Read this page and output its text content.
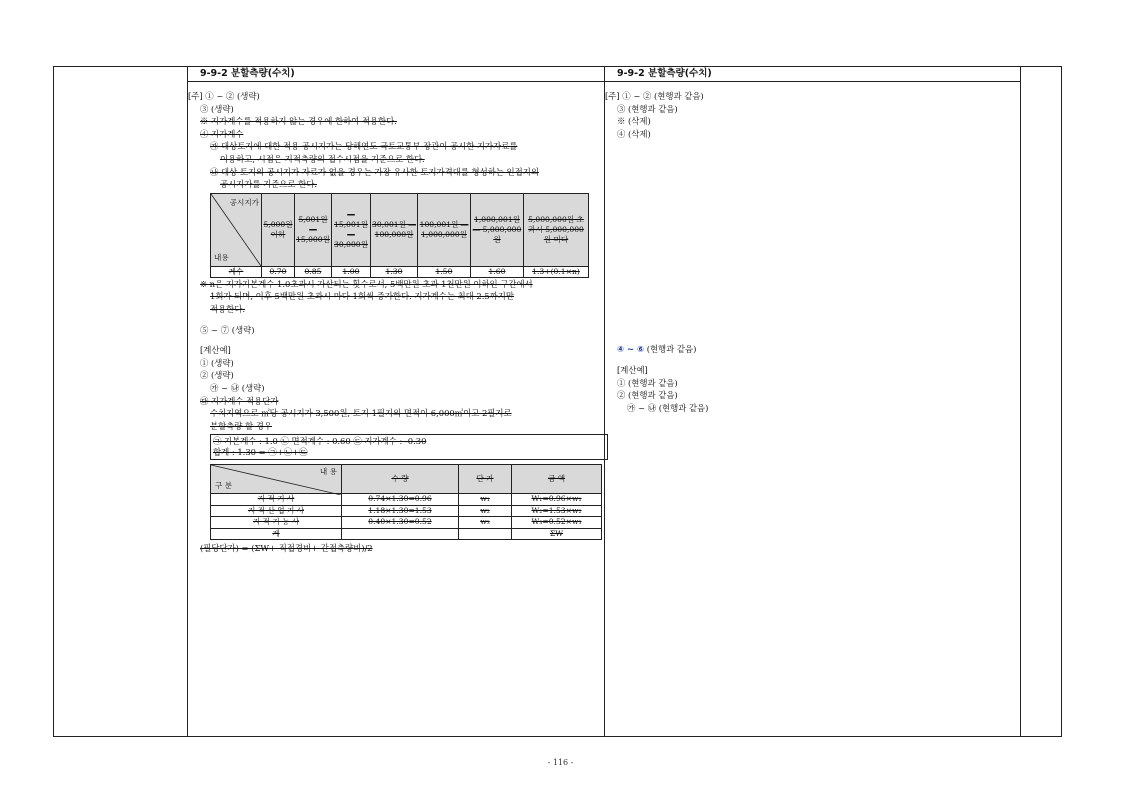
9-9-2 분할측량(수치)
[주] ① ~ ② (생략)
③ (생략)
※ 지가계수를 적용하지 않는 경우에 한하여 적용한다.
④ 지가계수
㉮ 대상토지에 대한 적용 공시지가는 당해연도 국토교통부 장관이 공시한 지가자료를
이용하고, 시점은 지적측량의 접수시점을 기준으로 한다.
㉯ 대상 토지의 공시지가 자료가 없을 경우는 가장 유사한 토지가격대를 형성하는 인접지의
공시지가를 기준으로 한다.
공시지가
내용	5,000원 이하	5,001원 ― 15,000원	― 15,001원 ― 30,000원	30,001원 ― 100,000원	100,001원 ― 1,000,000원	1,000,001원 ― 5,000,000원	5,000,000원 초과시 5,000,000원 미다
계수	0.70	0.85	1.00	1.30	1.50	1.60	1.3+(0.1×n)
※ n은 지가기본계수 1.0초과시 가산되는 횟수로서, 5백만원 초과 1천만원 이하인 구간에서
1회가 되며, 이후 5백만원 초과시 마다 1회씩 증가한다. 지가계수는 최대 2.5까지만
적용한다.
⑤ ~ ⑦ (생략)
[계산예]
① (생략)
② (생략)
㉮ ~ ㉯ (생략)
㉰ 지가계수 적용단가
수치지역으로 ㎡당 공시지가 3,500원, 토지 1필지의 면적이 6,000㎡이고 2필지로
분할측량 할 경우
㉠ 기본계수 : 1.0 ㉡ 면적계수 : 0.60 ㉢ 지가계수 : -0.30
합계 : 1.30 = ㉠+㉡+㉢
내 용
구 분	수 량	단 가	금 액
지 적 기 사	0.74×1.30=0.96	w₁	W₁=0.96×w₁
지 적 산 업 기 사	1.18×1.30=1.53	w₂	W₂=1.53×w₂
지 적 기 능 사	0.40×1.30=0.52	w₃	W₃=0.52×w₃
계			ΣW
(필당단가) = (ΣW+ 직접경비+ 간접측량비)/2
9-9-2 분할측량(수치)
[주] ① ~ ② (현행과 같음)
③ (현행과 같음)
※ (삭제)
④ (삭제)
④ ~ ⑥ (현행과 같음)
[계산예]
① (현행과 같음)
② (현행과 같음)
㉮ ~ ㉯ (현행과 같음)
- 116 -
